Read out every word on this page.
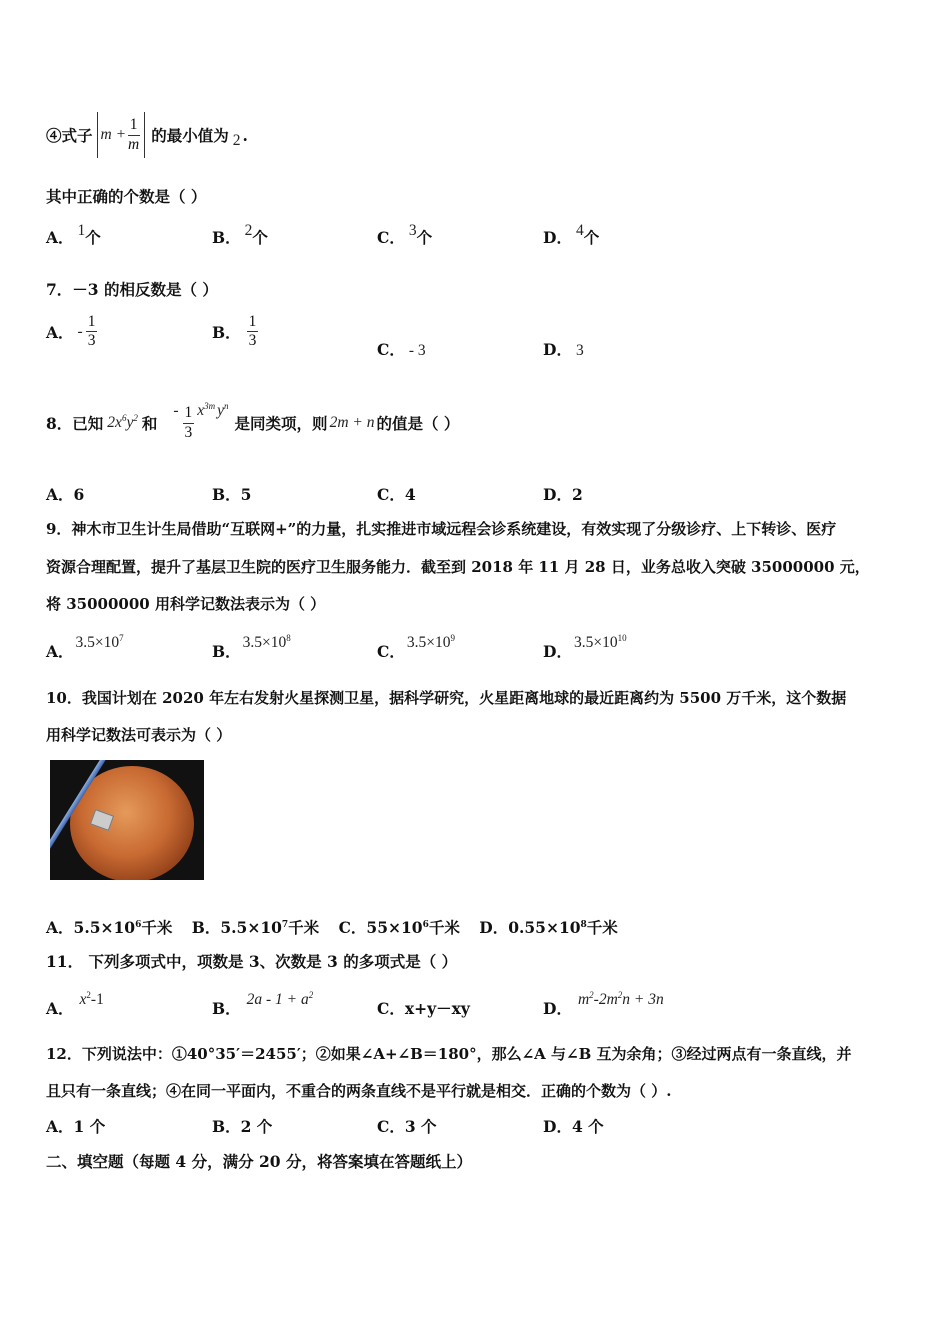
④式子 $m + \frac{1}{m}$ 的最小值为 2 .
其中正确的个数是（ ）
A． 1个	B． 2个	C． 3个	D． 4个
7．－3 的相反数是（ ）
A． - $\frac{1}{3}$	B． $\frac{1}{3}$	C． - 3	D． 3
8．已知 $2x^6y^2$ 和
- $\frac{1}{3} x^{3m}$ $y^n$
是同类项，则 2m + n 的值是（ ）
A．6	B．5	C．4	D．2
9．神木市卫生计生局借助“互联网+”的力量，扎实推进市域远程会诊系统建设，有效实现了分级诊疗、上下转诊、医疗
资源合理配置，提升了基层卫生院的医疗卫生服务能力．截至到 2018 年 11 月 28 日，业务总收入突破 35000000 元，
将 35000000 用科学记数法表示为（ ）
A． $3.5\times 10^7$
B． $3.5\times 10^8$
C． $3.5\times 10^9$
D． $3.5\times 10^{10}$
10．我国计划在 2020 年左右发射火星探测卫星，据科学研究，火星距离地球的最近距离约为 5500 万千米，这个数据
用科学记数法可表示为（ ）
A．$5.5\times 10^6$千米 B．$5.5\times 10^7$千米 C．$55\times 10^6$千米 D．$0.55\times 10^8$千米
11． 下列多项式中，项数是 3、次数是 3 的多项式是（ ）
A． $x^2-1$	B． $2a - 1 + a^2$
C．x+y－xy	D． $m^2-2m^2n + 3n$
12．下列说法中：①40°35′＝2455′；②如果∠A+∠B＝180°，那么∠A 与∠B 互为余角；③经过两点有一条直线，并
且只有一条直线；④在同一平面内，不重合的两条直线不是平行就是相交．正确的个数为（ ）.
A．1 个	B．2 个	C．3 个	D．4 个
二、填空题（每题 4 分，满分 20 分，将答案填在答题纸上）
